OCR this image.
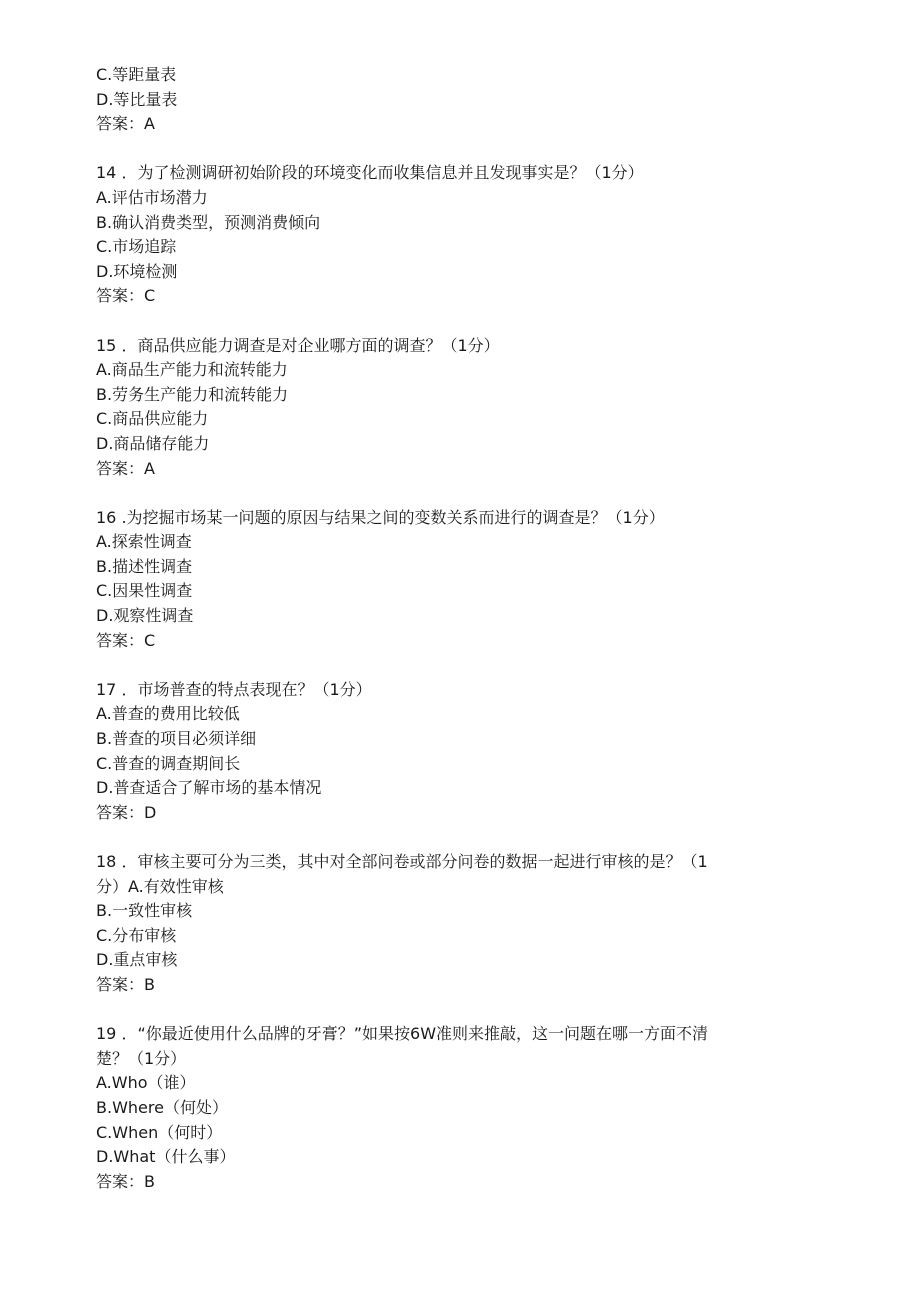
C.等距量表
D.等比量表
答案：A
14 ．为了检测调研初始阶段的环境变化而收集信息并且发现事实是？（1分）
A.评估市场潜力
B.确认消费类型，预测消费倾向
C.市场追踪
D.环境检测
答案：C
15 ．商品供应能力调查是对企业哪方面的调查？（1分）
A.商品生产能力和流转能力
B.劳务生产能力和流转能力
C.商品供应能力
D.商品储存能力
答案：A
16 .为挖掘市场某一问题的原因与结果之间的变数关系而进行的调查是？（1分）
A.探索性调查
B.描述性调查
C.因果性调查
D.观察性调查
答案：C
17 ．市场普查的特点表现在？（1分）
A.普查的费用比较低
B.普查的项目必须详细
C.普查的调查期间长
D.普查适合了解市场的基本情况
答案：D
18 ．审核主要可分为三类，其中对全部问卷或部分问卷的数据一起进行审核的是？（1
分）A.有效性审核
B.一致性审核
C.分布审核
D.重点审核
答案：B
19 ．“你最近使用什么品牌的牙膏？”如果按6W准则来推敲，这一问题在哪一方面不清
楚？（1分）
A.Who（谁）
B.Where（何处）
C.When（何时）
D.What（什么事）
答案：B
